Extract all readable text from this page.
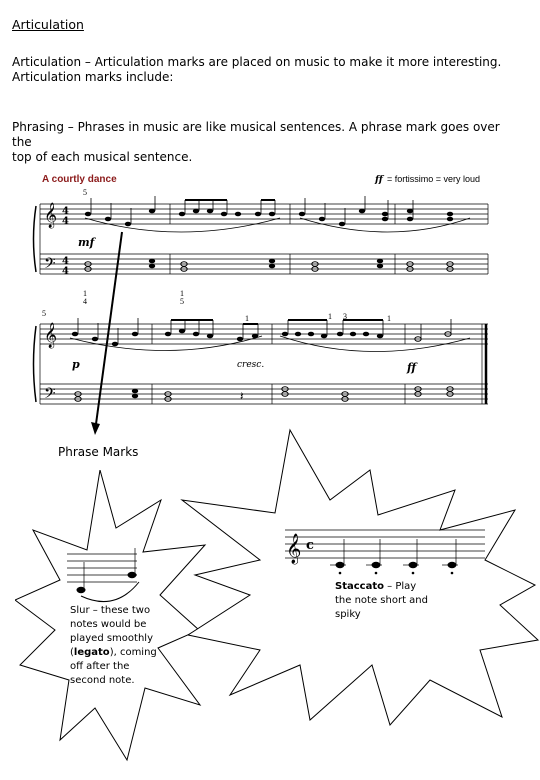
Articulation
Articulation – Articulation marks are placed on music to make it more interesting.
Articulation marks include:
Phrasing – Phrases in music are like musical sentences. A phrase mark goes over the
top of each musical sentence.
A courtly dance	ff = fortissimo = very loud
5
𝄞
𝄢
4
4
4
4
mf
1
4
1
5
5
𝄞
𝄢	𝄽
1	1 3	1
p	cresc.	ff
Phrase Marks
Slur – these two notes would be played smoothly (legato), coming off after the second note.
𝄞 c
Staccato – Play the note short and spiky
